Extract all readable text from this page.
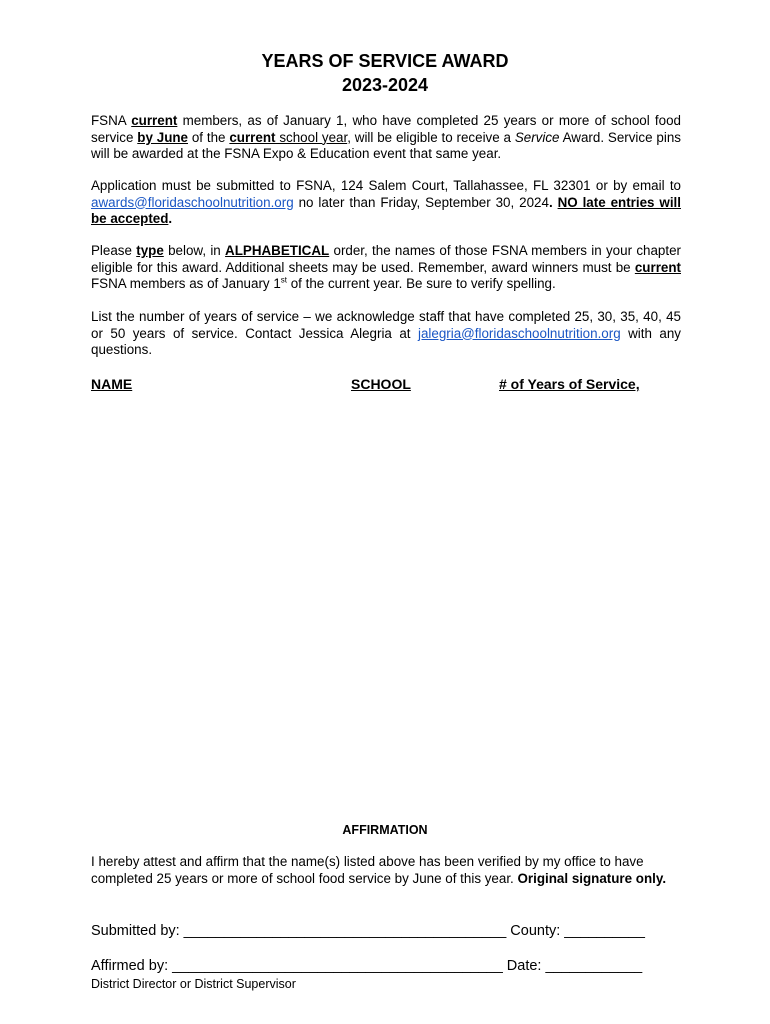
YEARS OF SERVICE AWARD
2023-2024
FSNA current members, as of January 1, who have completed 25 years or more of school food service by June of the current school year, will be eligible to receive a Service Award. Service pins will be awarded at the FSNA Expo & Education event that same year.
Application must be submitted to FSNA, 124 Salem Court, Tallahassee, FL 32301 or by email to awards@floridaschoolnutrition.org no later than Friday, September 30, 2024. NO late entries will be accepted.
Please type below, in ALPHABETICAL order, the names of those FSNA members in your chapter eligible for this award. Additional sheets may be used. Remember, award winners must be current FSNA members as of January 1st of the current year. Be sure to verify spelling.
List the number of years of service – we acknowledge staff that have completed 25, 30, 35, 40, 45 or 50 years of service. Contact Jessica Alegria at jalegria@floridaschoolnutrition.org with any questions.
NAME	SCHOOL	# of Years of Service,
AFFIRMATION
I hereby attest and affirm that the name(s) listed above has been verified by my office to have completed 25 years or more of school food service by June of this year. Original signature only.
Submitted by: ________________________________________ County: __________
Affirmed by: _________________________________________ Date: ____________
District Director or District Supervisor
